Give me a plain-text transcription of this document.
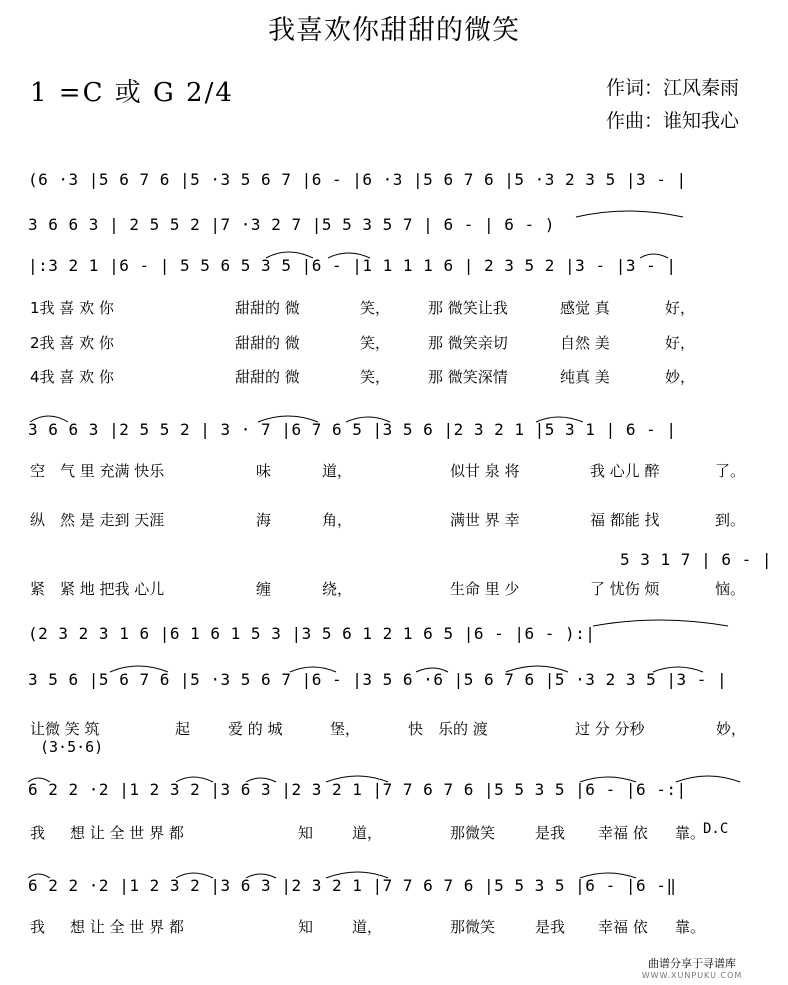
我喜欢你甜甜的微笑
1 =C 或 G 2/4	作词：江风秦雨
作曲：谁知我心
(6 ·3 |5 6 7 6 |5 ·3 5 6 7 |6 - |6 ·3 |5 6 7 6 |5 ·3 2 3 5 |3 - |
3 6 6 3 | 2 5 5 2 |7 ·3 2 7 |5 5 3 5 7 | 6 - | 6 - )
|:3 2 1 |6 - | 5 5 6 5 3 5 |6 - |1 1 1 1 6 | 2 3 5 2 |3 - |3 - |
1我 喜 欢 你	甜甜的 微	笑，	那 微笑让我	感觉 真	好，
2我 喜 欢 你	甜甜的 微	笑，	那 微笑亲切	自然 美	好，
4我 喜 欢 你	甜甜的 微	笑，	那 微笑深情	纯真 美	妙，
3 6 6 3 |2 5 5 2 | 3 · 7 |6 7 6 5 |3 5 6 |2 3 2 1 |5 3 1 | 6 - |
空　气 里 充满 快乐	味	道，	似甘 泉 将	我 心儿 醉	了。
纵　然 是 走到 天涯	海	角，	满世 界 幸	福 都能 找	到。
5 3 1 7 | 6 - |
紧　紧 地 把我 心儿	缠	绕，	生命 里 少	了 忧伤 烦	恼。
(2 3 2 3 1 6 |6 1 6 1 5 3 |3 5 6 1 2 1 6 5 |6 - |6 - ):|
3 5 6 |5 6 7 6 |5 ·3 5 6 7 |6 - |3 5 6 ·6 |5 6 7 6 |5 ·3 2 3 5 |3 - |
让微 笑 筑	起	爱 的 城	堡，	快 乐的 渡	过 分 分秒	妙，
(3·5·6)
6 2 2 ·2 |1 2 3 2 |3 6 3 |2 3 2 1 |7 7 6 7 6 |5 5 3 5 |6 - |6 -:|
我 想 让 全 世 界 都	知	道，	那微笑	是我 幸福 依 靠。
D.C
6 2 2 ·2 |1 2 3 2 |3 6 3 |2 3 2 1 |7 7 6 7 6 |5 5 3 5 |6 - |6 -‖
我 想 让 全 世 界 都	知	道，	那微笑	是我 幸福 依 靠。
曲谱分享于寻谱库
WWW.XUNPUKU.COM
